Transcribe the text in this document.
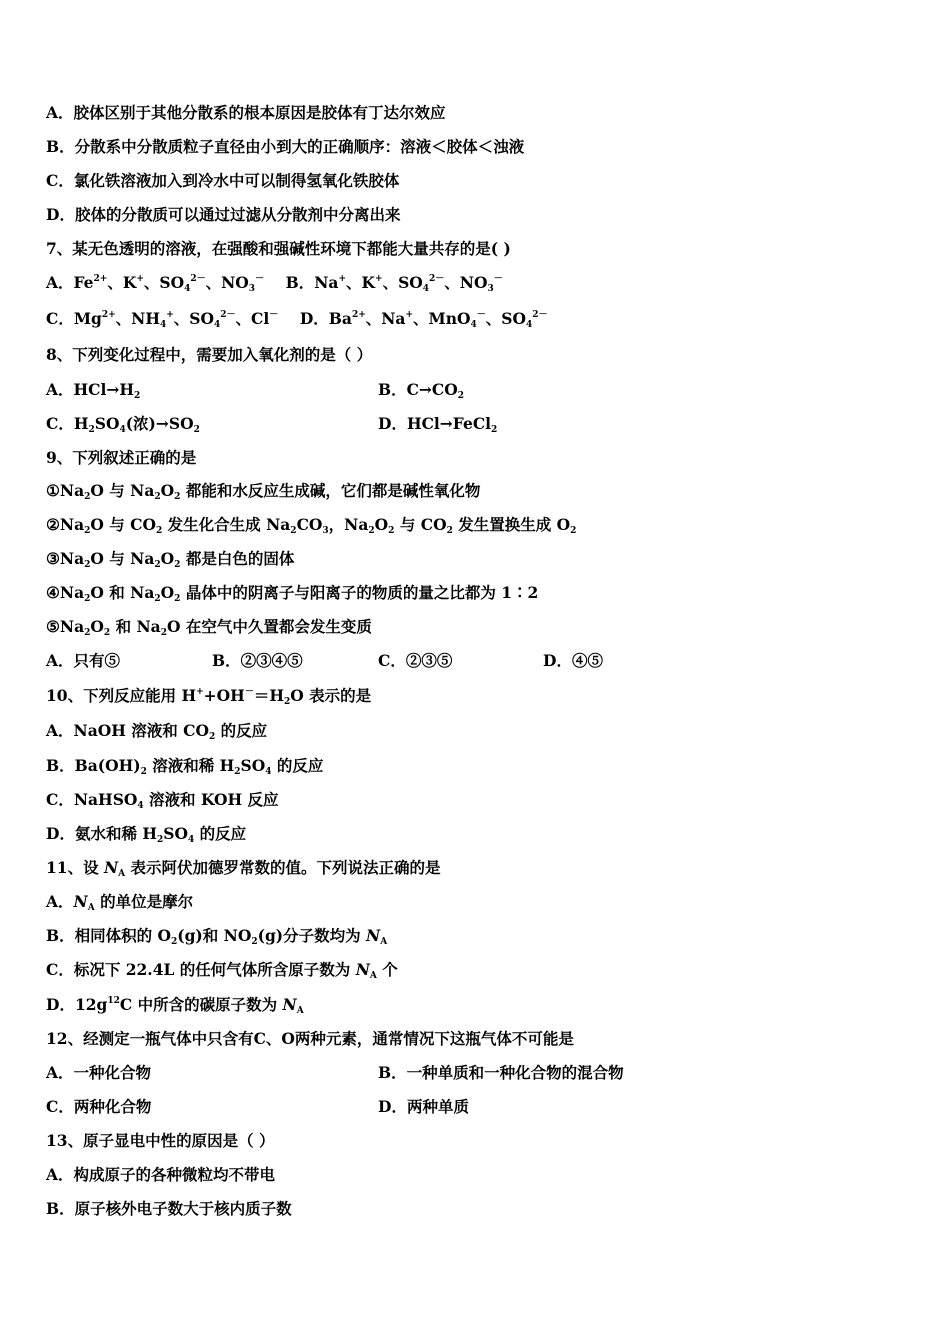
A．胶体区别于其他分散系的根本原因是胶体有丁达尔效应
B．分散系中分散质粒子直径由小到大的正确顺序：溶液＜胶体＜浊液
C．氯化铁溶液加入到冷水中可以制得氢氧化铁胶体
D．胶体的分散质可以通过过滤从分散剂中分离出来
7、某无色透明的溶液，在强酸和强碱性环境下都能大量共存的是( )
A．$Fe^{2+}$、K+、$SO_4^{2-}$、$NO_3^-$    B．Na+、K+、$SO_4^{2-}$、$NO_3^-$
C．$Mg^{2+}$、$NH_4^+$、$SO_4^{2-}$、Cl－    D．$Ba^{2+}$、Na+、MnO$_4$－、$SO_4^{2-}$
8、下列变化过程中，需要加入氧化剂的是（ ）
A．$HCl\to H_2$	B．$C\to CO_2$
C．$H_2SO_4$(浓)$\to SO_2$	D．HCl→FeCl$_2$
9、下列叙述正确的是
$①Na_2O$ 与 $Na_2O_2$ 都能和水反应生成碱，它们都是碱性氧化物
$②Na_2O$ 与 $CO_2$ 发生化合生成 $Na_2CO_3$，$Na_2O_2$ 与 $CO_2$ 发生置换生成 $O_2$
$③Na_2O$ 与 $Na_2O_2$ 都是白色的固体
$④Na_2O$ 和 $Na_2O_2$ 晶体中的阴离子与阳离子的物质的量之比都为 1∶2
$⑤Na_2O_2$ 和 $Na_2O$ 在空气中久置都会发生变质
A．只有⑤	B．②③④⑤	C．②③⑤	D．④⑤
10、下列反应能用 $H^++OH^-=H_2O$ 表示的是
A．NaOH 溶液和 $CO_2$ 的反应
B．$Ba(OH)_2$ 溶液和稀 $H_2SO_4$ 的反应
C．NaHSO$_4$ 溶液和 KOH 反应
D．氨水和稀 $H_2SO_4$ 的反应
11、设 $N_A$ 表示阿伏加德罗常数的值。下列说法正确的是
A．$N_A$ 的单位是摩尔
B．相同体积的 $O_2(g)$和 $NO_2(g)$分子数均为 $N_A$
C．标况下 22.4L 的任何气体所含原子数为 $N_A$ 个
D．$12g^{12}C$ 中所含的碳原子数为 $N_A$
12、经测定一瓶气体中只含有C、O两种元素，通常情况下这瓶气体不可能是
A．一种化合物	B．一种单质和一种化合物的混合物
C．两种化合物	D．两种单质
13、原子显电中性的原因是（ ）
A．构成原子的各种微粒均不带电
B．原子核外电子数大于核内质子数
